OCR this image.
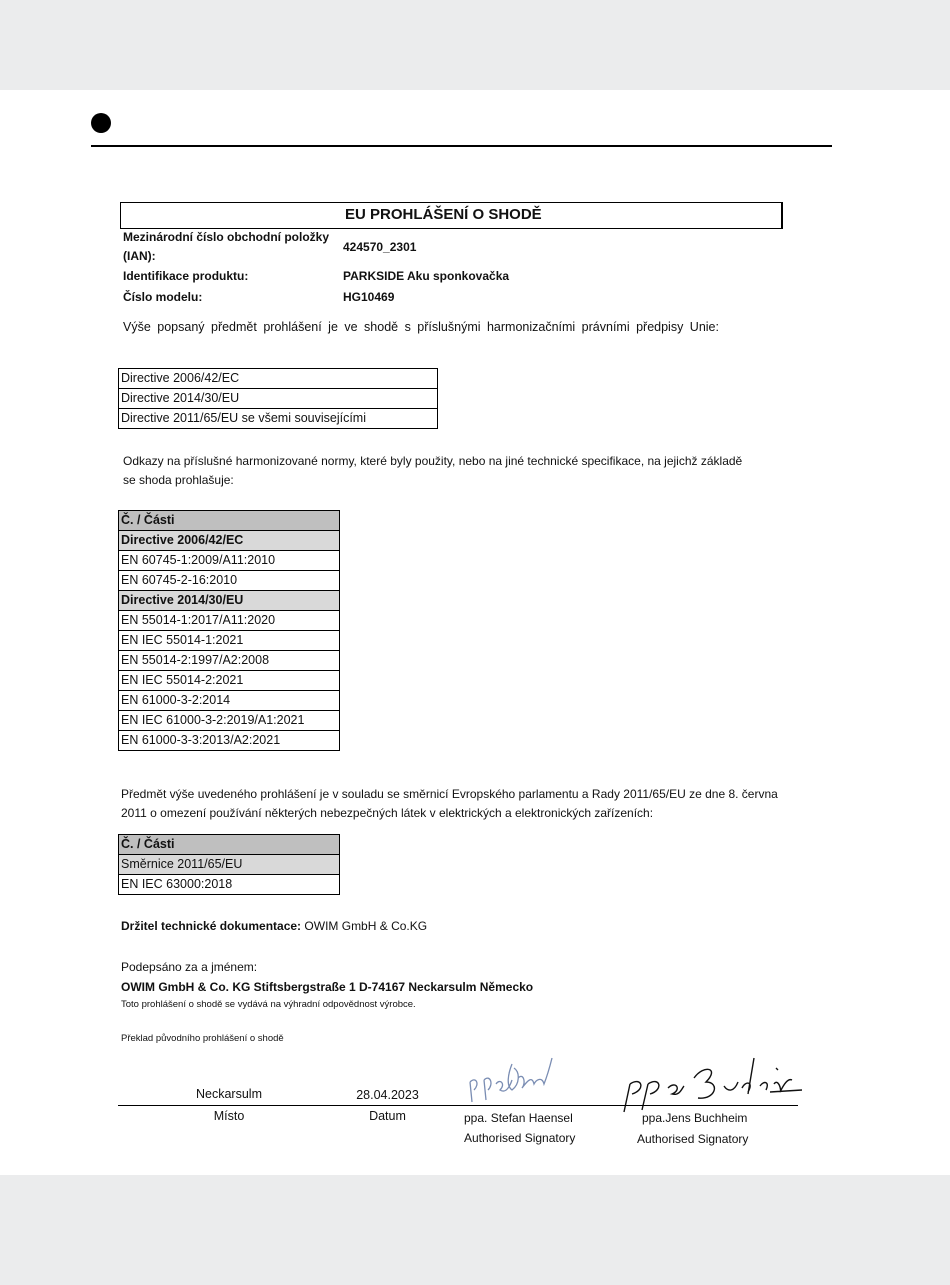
EU PROHLÁŠENÍ O SHODĚ
Mezinárodní číslo obchodní položky (IAN):
424570_2301
Identifikace produktu:	PARKSIDE Aku sponkovačka
Číslo modelu:	HG10469
Výše popsaný předmět prohlášení je ve shodě s příslušnými harmonizačními právními předpisy Unie:
Directive 2006/42/EC
Directive 2014/30/EU
Directive 2011/65/EU se všemi souvisejícími
Odkazy na příslušné harmonizované normy, které byly použity, nebo na jiné technické specifikace, na jejichž základě se shoda prohlašuje:
Č. / Části
Directive 2006/42/EC
EN 60745-1:2009/A11:2010
EN 60745-2-16:2010
Directive 2014/30/EU
EN 55014-1:2017/A11:2020
EN IEC 55014-1:2021
EN 55014-2:1997/A2:2008
EN IEC 55014-2:2021
EN 61000-3-2:2014
EN IEC 61000-3-2:2019/A1:2021
EN 61000-3-3:2013/A2:2021
Předmět výše uvedeného prohlášení je v souladu se směrnicí Evropského parlamentu a Rady 2011/65/EU ze dne 8. června 2011 o omezení používání některých nebezpečných látek v elektrických a elektronických zařízeních:
Č. / Části
Směrnice 2011/65/EU
EN IEC 63000:2018
Držitel technické dokumentace: OWIM GmbH & Co.KG
Podepsáno za a jménem:
OWIM GmbH & Co. KG Stiftsbergstraße 1 D-74167 Neckarsulm Německo
Toto prohlášení o shodě se vydává na výhradní odpovědnost výrobce.
Překlad původního prohlášení o shodě
Neckarsulm	28.04.2023
Místo	Datum	ppa. Stefan Haensel
Authorised Signatory
ppa.Jens Buchheim
Authorised Signatory
